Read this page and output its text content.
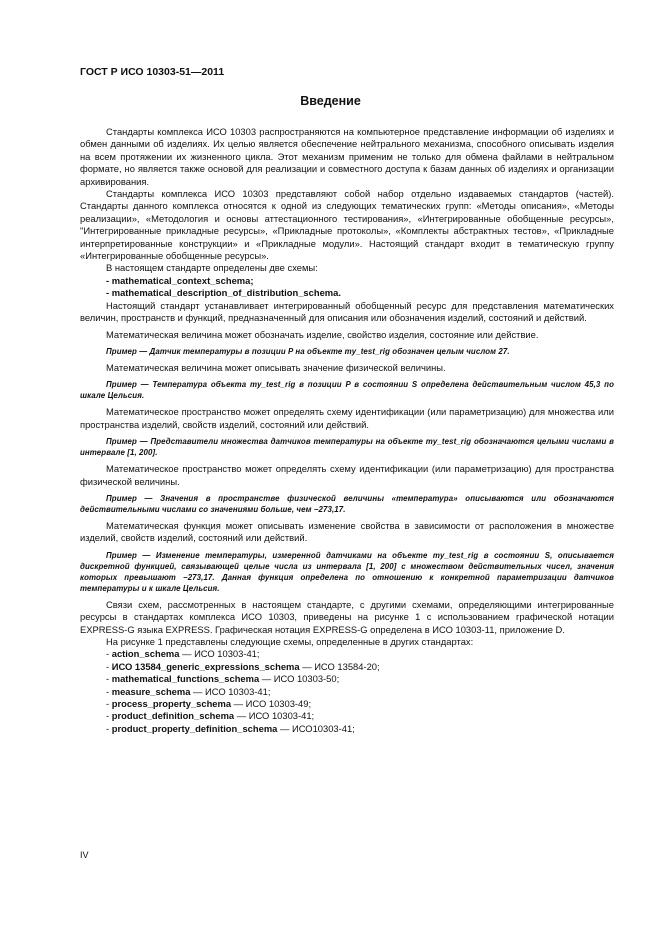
ГОСТ Р ИСО 10303-51—2011
Введение

Стандарты комплекса ИСО 10303 распространяются на компьютерное представление информации об изделиях и обмен данными об изделиях. Их целью является обеспечение нейтрального механизма, способного описывать изделия на всем протяжении их жизненного цикла. Этот механизм применим не только для обмена файлами в нейтральном формате, но является также основой для реализации и совместного доступа к базам данных об изделиях и организации архивирования.

Стандарты комплекса ИСО 10303 представляют собой набор отдельно издаваемых стандартов (частей). Стандарты данного комплекса относятся к одной из следующих тематических групп: «Методы описания», «Методы реализации», «Методология и основы аттестационного тестирования», «Интегрированные обобщенные ресурсы», "Интегрированные прикладные ресурсы», «Прикладные протоколы», «Комплекты абстрактных тестов», «Прикладные интерпретированные конструкции» и «Прикладные модули». Настоящий стандарт входит в тематическую группу «Интегрированные обобщенные ресурсы».

В настоящем стандарте определены две схемы:

- mathematical_context_schema;

- mathematical_description_of_distribution_schema.

Настоящий стандарт устанавливает интегрированный обобщенный ресурс для представления математических величин, пространств и функций, предназначенный для описания или обозначения изделий, состояний и действий.

Математическая величина может обозначать изделие, свойство изделия, состояние или действие.

Пример — Датчик температуры в позиции P на объекте my_test_rig обозначен целым числом 27.

Математическая величина может описывать значение физической величины.

Пример — Температура объекта my_test_rig в позиции P в состоянии S определена действительным числом 45,3 по шкале Цельсия.

Математическое пространство может определять схему идентификации (или параметризацию) для множества или пространства изделий, свойств изделий, состояний или действий.

Пример — Представители множества датчиков температуры на объекте my_test_rig обозначаются целыми числами в интервале [1, 200].

Математическое пространство может определять схему идентификации (или параметризацию) для пространства физической величины.

Пример — Значения в пространстве физической величины «температура» описываются или обозначаются действительными числами со значениями больше, чем −273,17.

Математическая функция может описывать изменение свойства в зависимости от расположения в множестве изделий, свойств изделий, состояний или действий.

Пример — Изменение температуры, измеренной датчиками на объекте my_test_rig в состоянии S, описывается дискретной функцией, связывающей целые числа из интервала [1, 200] с множеством действительных чисел, значения которых превышают −273,17. Данная функция определена по отношению к конкретной параметризации датчиков температуры и к шкале Цельсия.

Связи схем, рассмотренных в настоящем стандарте, с другими схемами, определяющими интегрированные ресурсы в стандартах комплекса ИСО 10303, приведены на рисунке 1 с использованием графической нотации EXPRESS-G языка EXPRESS. Графическая нотация EXPRESS-G определена в ИСО 10303-11, приложение D.

На рисунке 1 представлены следующие схемы, определенные в других стандартах:

- action_schema — ИСО 10303-41;

- ИСО 13584_generic_expressions_schema — ИСО 13584-20;

- mathematical_functions_schema — ИСО 10303-50;

- measure_schema — ИСО 10303-41;

- process_property_schema — ИСО 10303-49;

- product_definition_schema — ИСО 10303-41;

- product_property_definition_schema — ИСО10303-41;

IV
